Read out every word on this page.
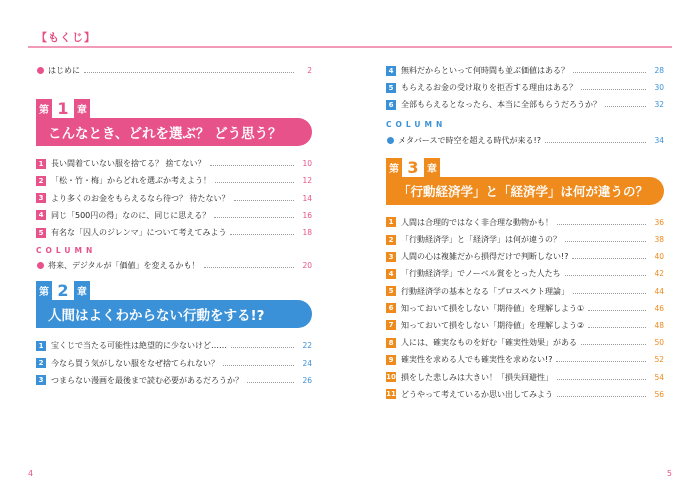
【もくじ】
はじめに	2
第 1 章
こんなとき、どれを選ぶ？ どう思う？
1 長い間着ていない服を捨てる？ 捨てない？	10
2 「松・竹・梅」からどれを選ぶか考えよう！	12
3 より多くのお金をもらえるなら待つ？ 待たない？	14
4 同じ「500円の得」なのに、同じに思える？	16
5 有名な「囚人のジレンマ」について考えてみよう	18
COLUMN
将来、デジタルが「価値」を変えるかも！	20
第 2 章
人間はよくわからない行動をする!?
1 宝くじで当たる可能性は絶望的に少ないけど……	22
2 今なら買う気がしない服をなぜ捨てられない？	24
3 つまらない漫画を最後まで読む必要があるだろうか？	26
4 無料だからといって何時間も並ぶ価値はある？	28
5 もらえるお金の受け取りを拒否する理由はある？	30
6 全部もらえるとなったら、本当に全部もらうだろうか？	32
COLUMN
メタバースで時空を超える時代が来る!?	34
第 3 章
「行動経済学」と「経済学」は何が違うの？
1 人間は合理的ではなく非合理な動物かも！	36
2 「行動経済学」と「経済学」は何が違うの？	38
3 人間の心は複雑だから損得だけで判断しない!?	40
4 「行動経済学」でノーベル賞をとった人たち	42
5 行動経済学の基本となる「プロスペクト理論」	44
6 知っておいて損をしない「期待値」を理解しよう①	46
7 知っておいて損をしない「期待値」を理解しよう②	48
8 人には、確実なものを好む「確実性効果」がある	50
9 確実性を求める人でも確実性を求めない!?	52
10 損をした悲しみは大きい！「損失回避性」	54
11 どうやって考えているか思い出してみよう	56
4	5
